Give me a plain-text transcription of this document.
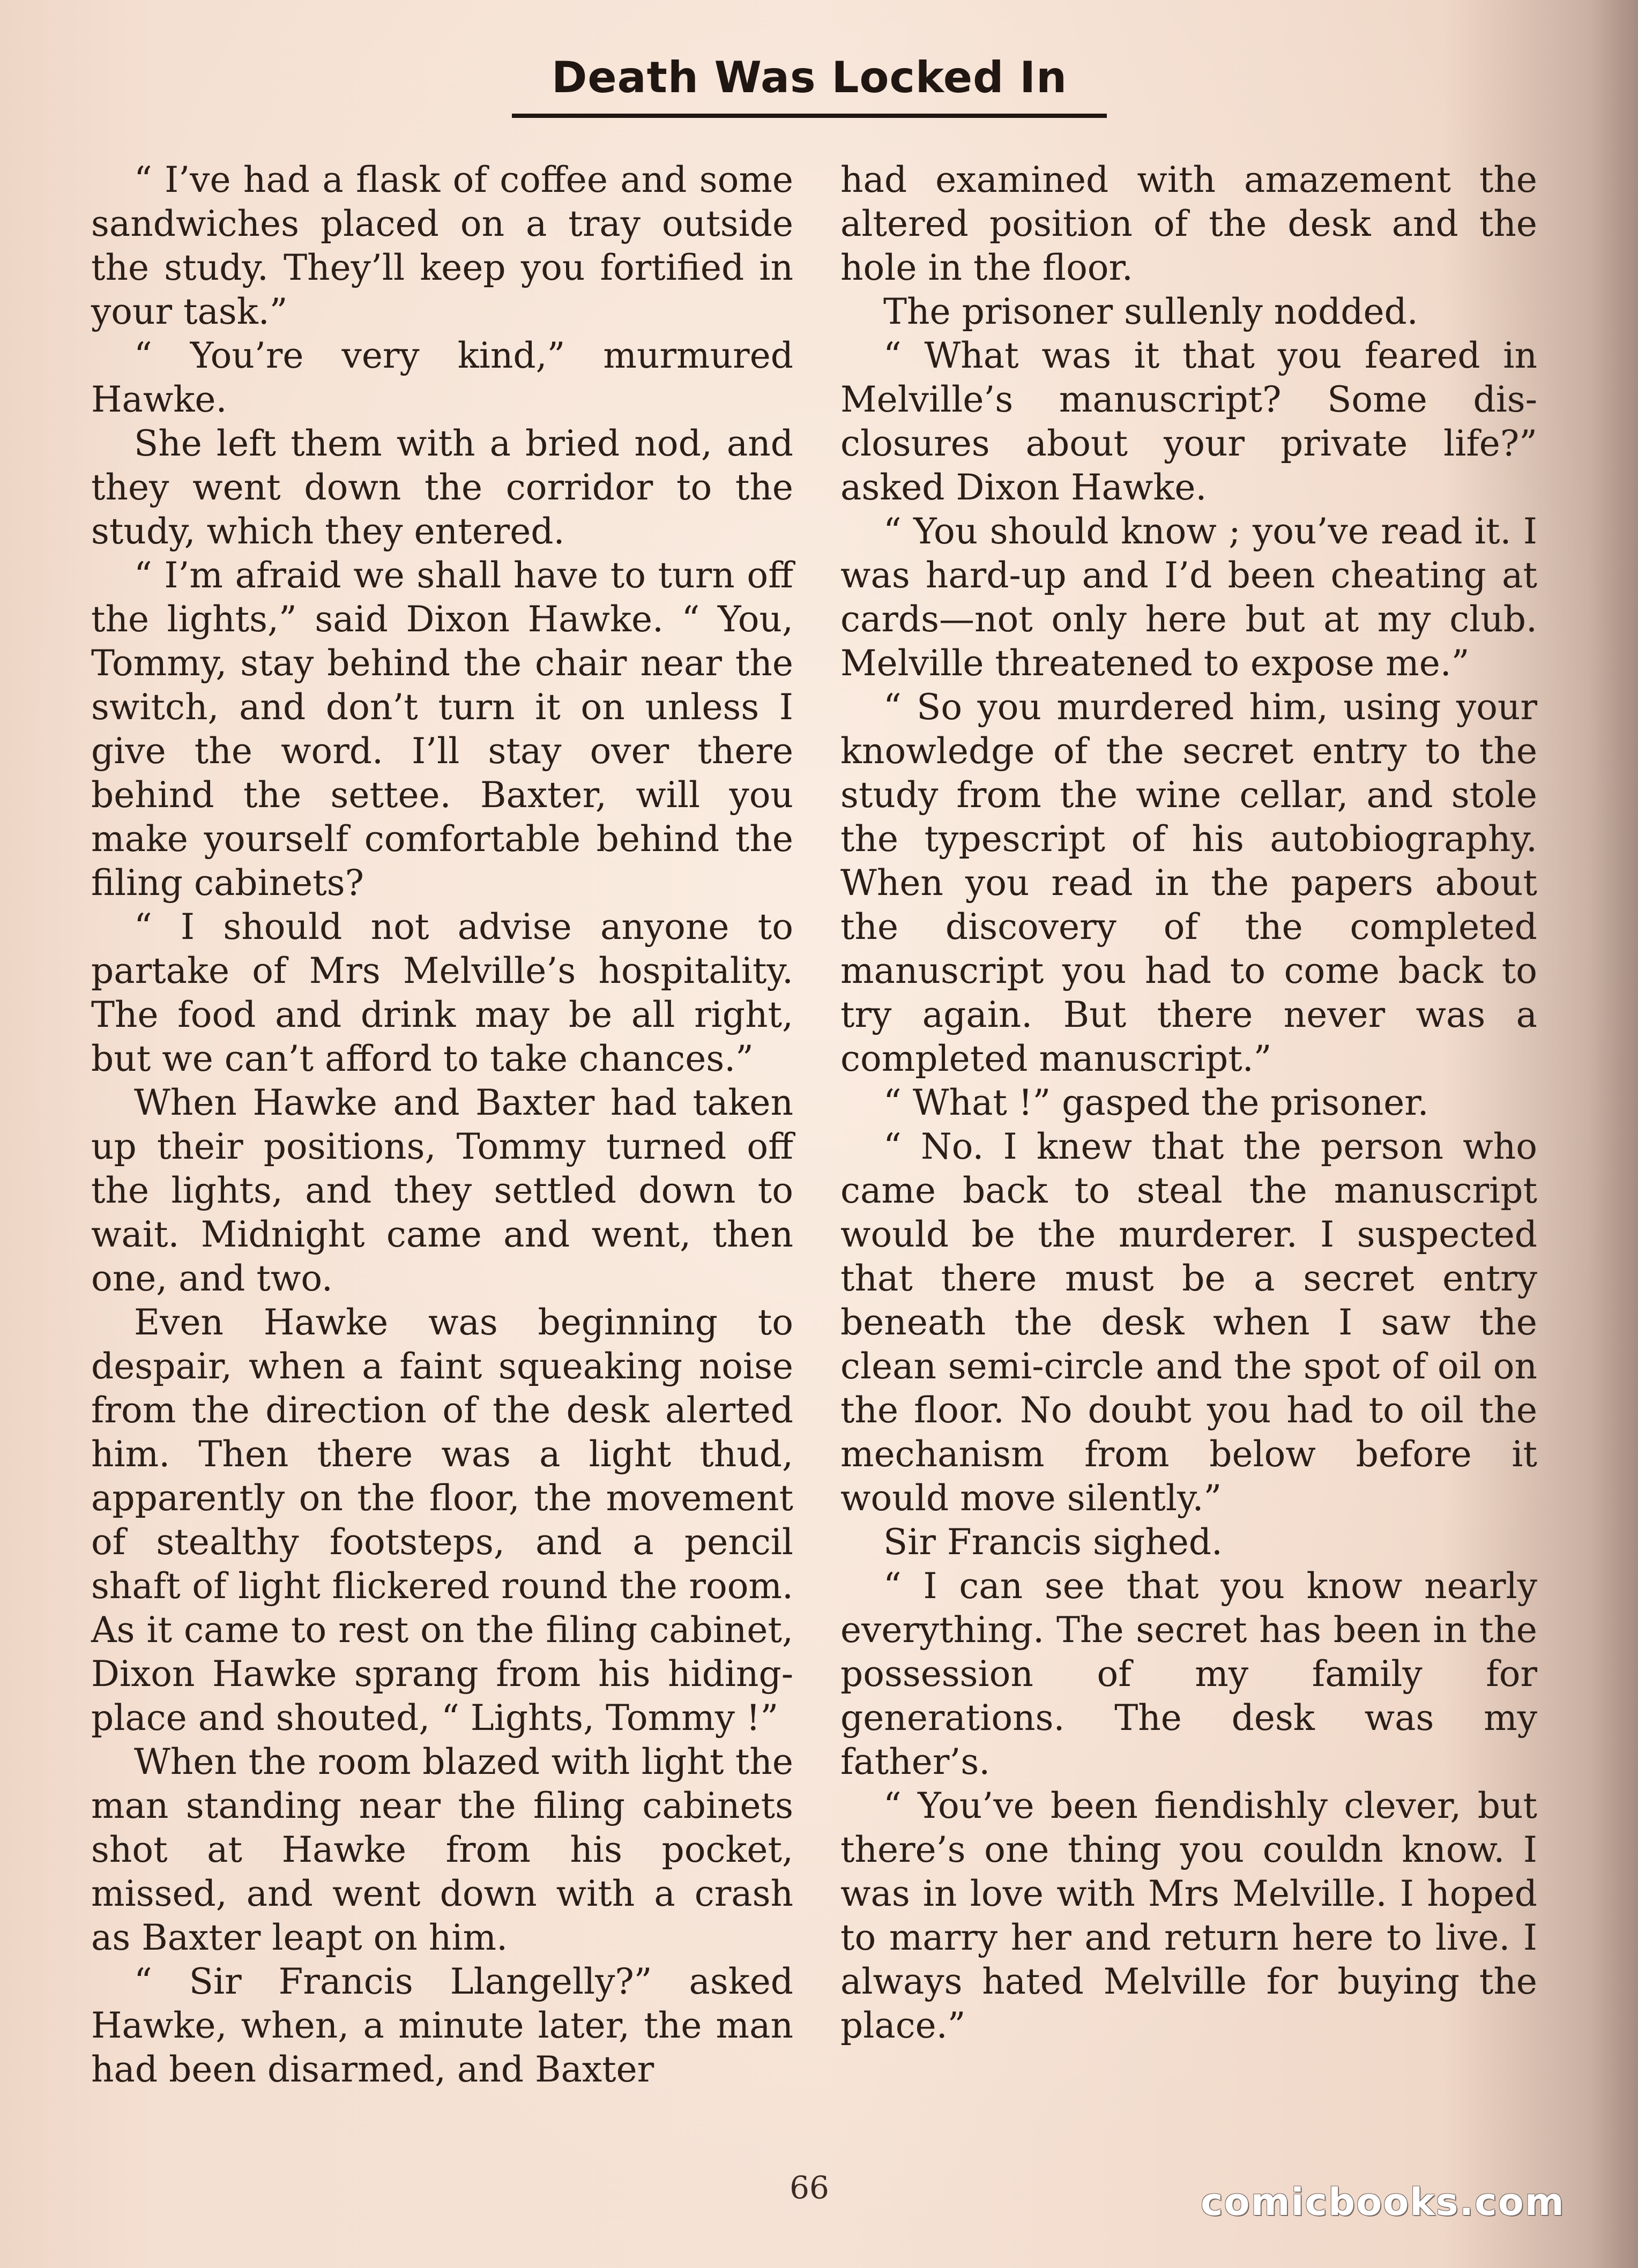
Death Was Locked In

“ I’ve had a flask of coffee and some sandwiches placed on a tray outside the study. They’ll keep you fortified in your task.”

“ You’re very kind,” murmured Hawke.

She left them with a bried nod, and they went down the corridor to the study, which they entered.

“ I’m afraid we shall have to turn off the lights,” said Dixon Hawke. “ You, Tommy, stay behind the chair near the switch, and don’t turn it on unless I give the word. I’ll stay over there behind the settee. Baxter, will you make yourself comfortable behind the filing cabinets?

“ I should not advise anyone to partake of Mrs Melville’s hospitality. The food and drink may be all right, but we can’t afford to take chances.”

When Hawke and Baxter had taken up their positions, Tommy turned off the lights, and they settled down to wait. Midnight came and went, then one, and two.

Even Hawke was beginning to despair, when a faint squeaking noise from the direction of the desk alerted him. Then there was a light thud, apparently on the floor, the movement of stealthy footsteps, and a pencil shaft of light flickered round the room. As it came to rest on the filing cabinet, Dixon Hawke sprang from his hiding-place and shouted, “ Lights, Tommy !”

When the room blazed with light the man standing near the filing cabinets shot at Hawke from his pocket, missed, and went down with a crash as Baxter leapt on him.

“ Sir Francis Llangelly?” asked Hawke, when, a minute later, the man had been disarmed, and Baxter

had examined with amazement the altered position of the desk and the hole in the floor.

The prisoner sullenly nodded.

“ What was it that you feared in Melville’s manuscript? Some disclosures about your private life?” asked Dixon Hawke.

“ You should know ; you’ve read it. I was hard-up and I’d been cheating at cards—not only here but at my club. Melville threatened to expose me.”

“ So you murdered him, using your knowledge of the secret entry to the study from the wine cellar, and stole the typescript of his autobiography. When you read in the papers about the discovery of the completed manuscript you had to come back to try again. But there never was a completed manuscript.”

“ What !” gasped the prisoner.

“ No. I knew that the person who came back to steal the manuscript would be the murderer. I suspected that there must be a secret entry beneath the desk when I saw the clean semi-circle and the spot of oil on the floor. No doubt you had to oil the mechanism from below before it would move silently.”

Sir Francis sighed.

“ I can see that you know nearly everything. The secret has been in the possession of my family for generations. The desk was my father’s.

“ You’ve been fiendishly clever, but there’s one thing you couldn know. I was in love with Mrs Melville. I hoped to marry her and return here to live. I always hated Melville for buying the place.”

66	comicbooks.com
